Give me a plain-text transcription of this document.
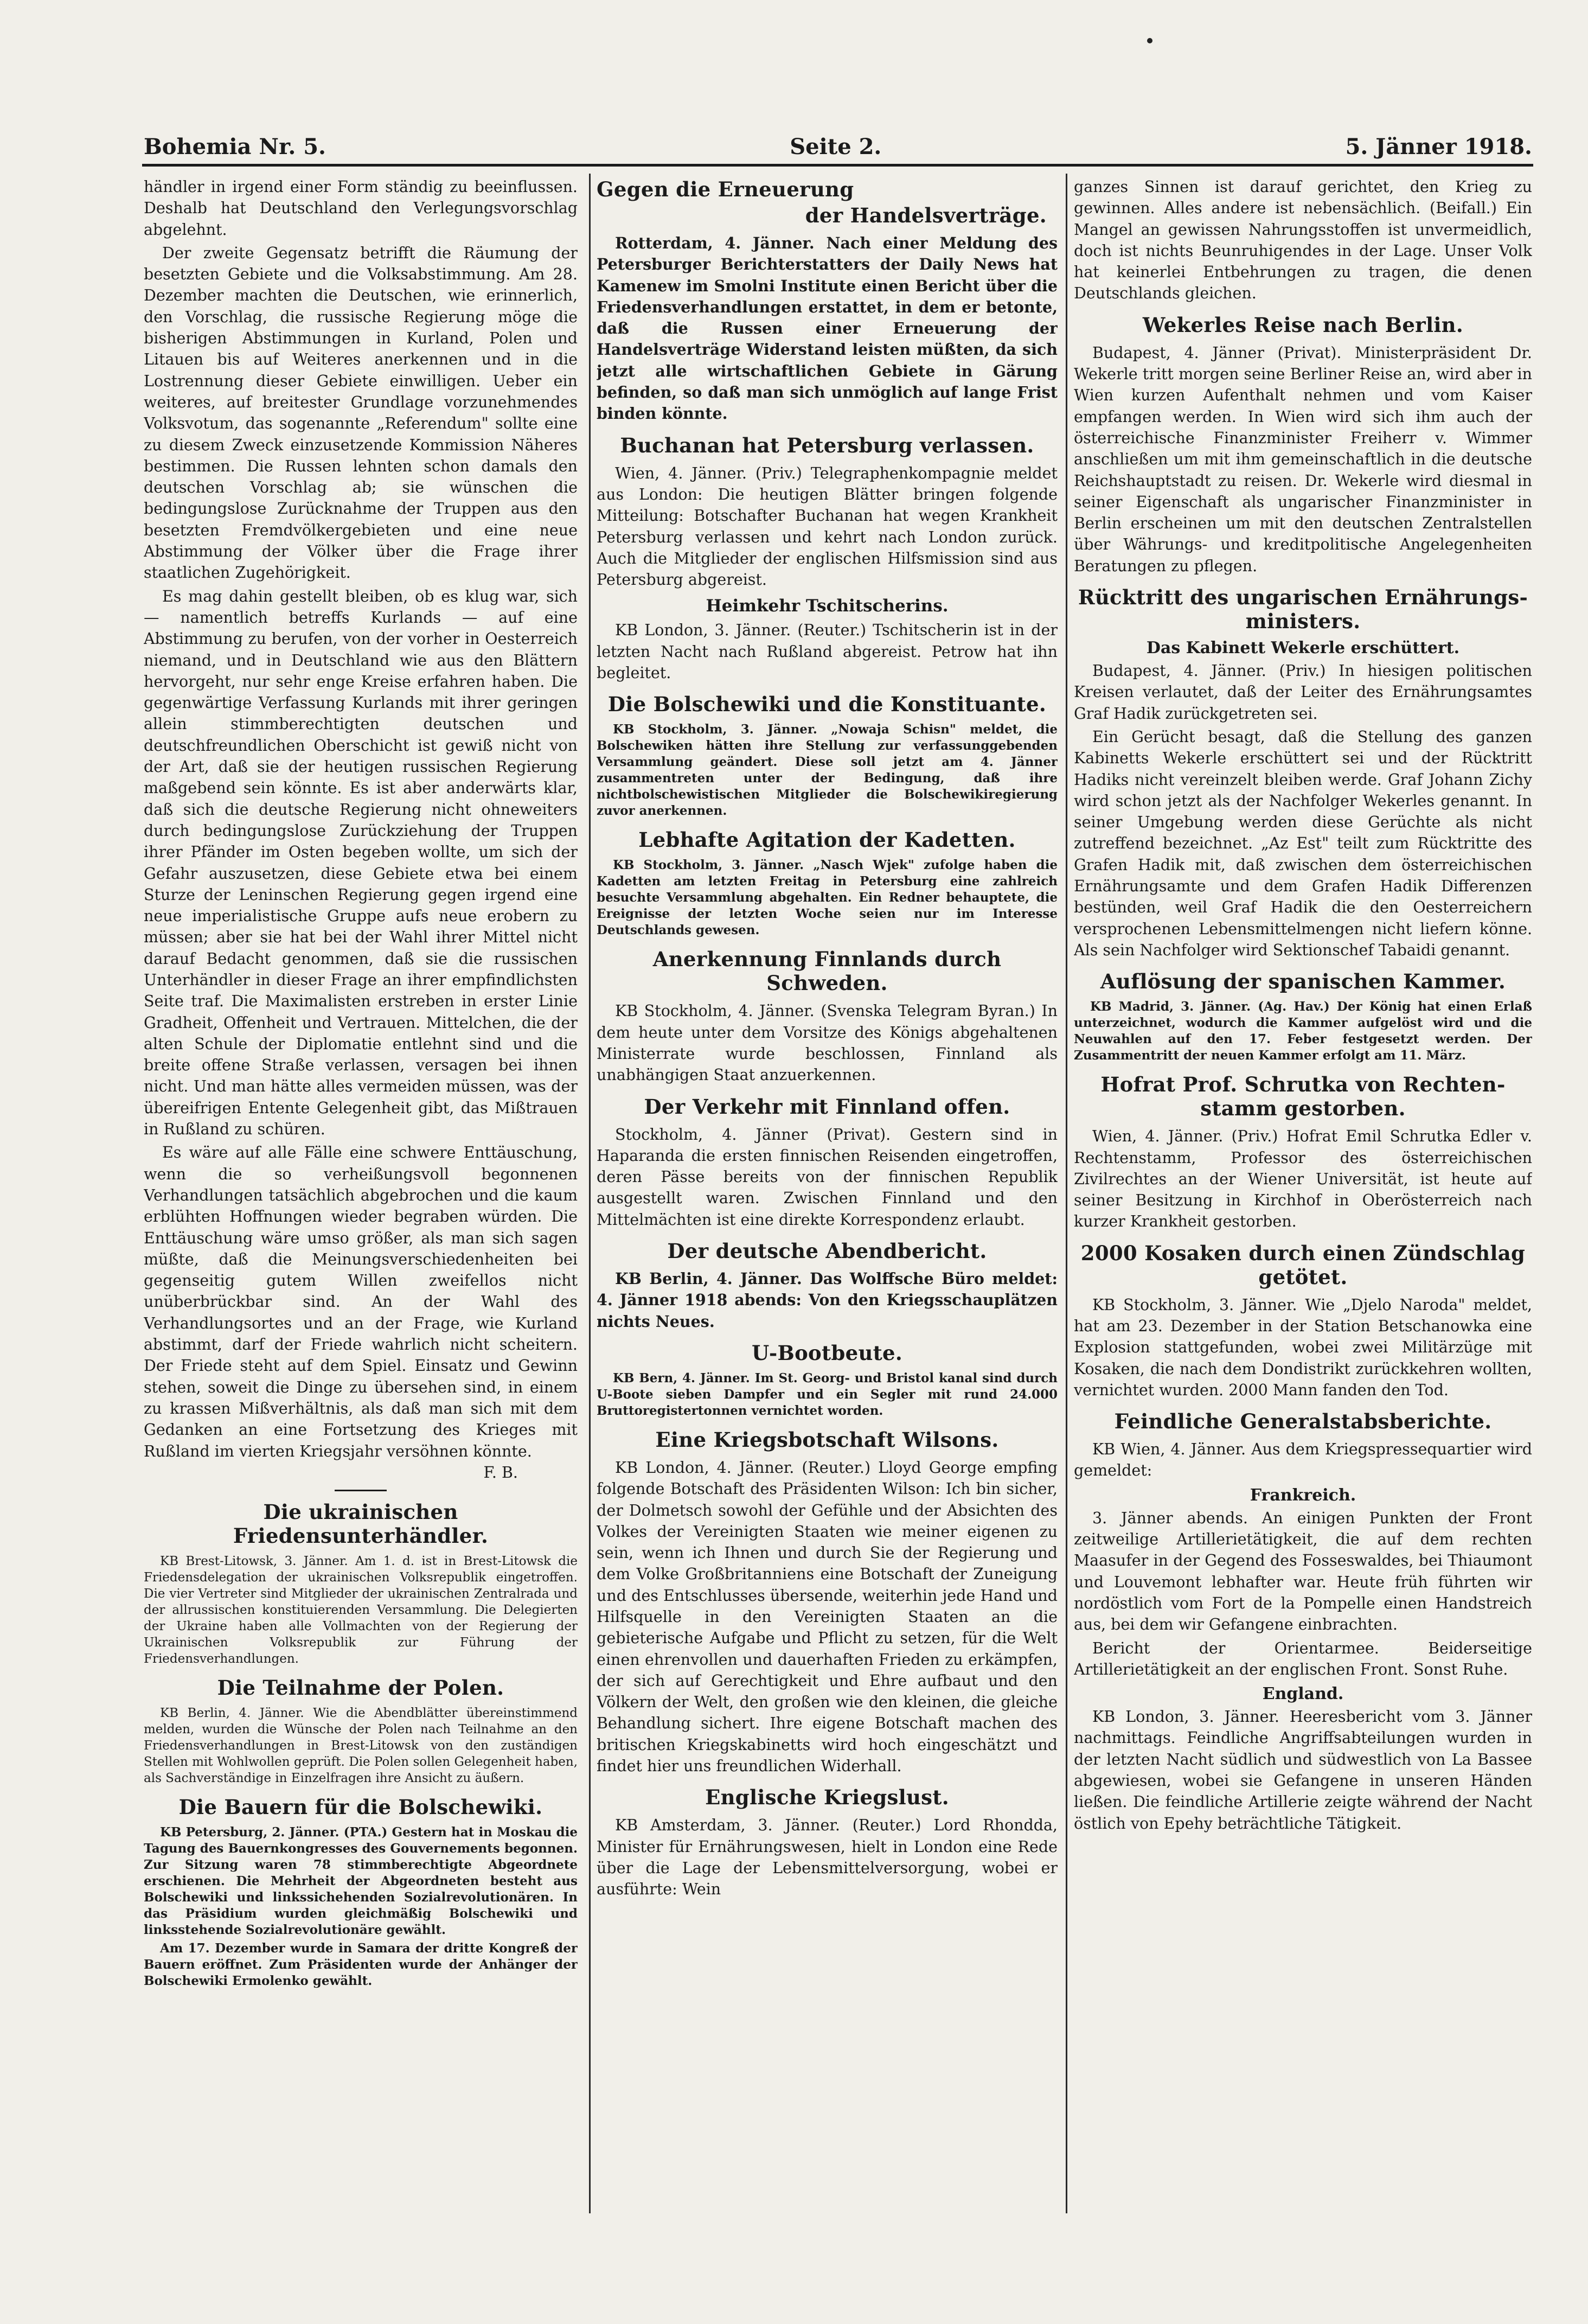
Bohemia Nr. 5.	Seite 2.	5. Jänner 1918.

händler in irgend einer Form ständig zu beeinflussen. Deshalb hat Deutschland den Verlegungsvorschlag abgelehnt.

Der zweite Gegensatz betrifft die Räumung der besetzten Gebiete und die Volksabstimmung. Am 28. Dezember machten die Deutschen, wie erinnerlich, den Vorschlag, die russische Regierung möge die bisherigen Abstimmungen in Kurland, Polen und Litauen bis auf Weiteres anerkennen und in die Lostrennung dieser Gebiete einwilligen. Ueber ein weiteres, auf breitester Grundlage vorzunehmendes Volksvotum, das sogenannte „Referendum" sollte eine zu diesem Zweck einzusetzende Kommission Näheres bestimmen. Die Russen lehnten schon damals den deutschen Vorschlag ab; sie wünschen die bedingungslose Zurücknahme der Truppen aus den besetzten Fremdvölkergebieten und eine neue Abstimmung der Völker über die Frage ihrer staatlichen Zugehörigkeit.

Es mag dahin gestellt bleiben, ob es klug war, sich — namentlich betreffs Kurlands — auf eine Abstimmung zu berufen, von der vorher in Oesterreich niemand, und in Deutschland wie aus den Blättern hervorgeht, nur sehr enge Kreise erfahren haben. Die gegenwärtige Verfassung Kurlands mit ihrer geringen allein stimmberechtigten deutschen und deutschfreundlichen Oberschicht ist gewiß nicht von der Art, daß sie der heutigen russischen Regierung maßgebend sein könnte. Es ist aber anderwärts klar, daß sich die deutsche Regierung nicht ohneweiters durch bedingungslose Zurückziehung der Truppen ihrer Pfänder im Osten begeben wollte, um sich der Gefahr auszusetzen, diese Gebiete etwa bei einem Sturze der Leninschen Regierung gegen irgend eine neue imperialistische Gruppe aufs neue erobern zu müssen; aber sie hat bei der Wahl ihrer Mittel nicht darauf Bedacht genommen, daß sie die russischen Unterhändler in dieser Frage an ihrer empfindlichsten Seite traf. Die Maximalisten erstreben in erster Linie Gradheit, Offenheit und Vertrauen. Mittelchen, die der alten Schule der Diplomatie entlehnt sind und die breite offene Straße verlassen, versagen bei ihnen nicht. Und man hätte alles vermeiden müssen, was der übereifrigen Entente Gelegenheit gibt, das Mißtrauen in Rußland zu schüren.

Es wäre auf alle Fälle eine schwere Enttäuschung, wenn die so verheißungsvoll begonnenen Verhandlungen tatsächlich abgebrochen und die kaum erblühten Hoffnungen wieder begraben würden. Die Enttäuschung wäre umso größer, als man sich sagen müßte, daß die Meinungsverschiedenheiten bei gegenseitig gutem Willen zweifellos nicht unüberbrückbar sind. An der Wahl des Verhandlungsortes und an der Frage, wie Kurland abstimmt, darf der Friede wahrlich nicht scheitern. Der Friede steht auf dem Spiel. Einsatz und Gewinn stehen, soweit die Dinge zu übersehen sind, in einem zu krassen Mißverhältnis, als daß man sich mit dem Gedanken an eine Fortsetzung des Krieges mit Rußland im vierten Kriegsjahr versöhnen könnte.

F. B.
Die ukrainischen Friedensunterhändler.

KB Brest-Litowsk, 3. Jänner. Am 1. d. ist in Brest-Litowsk die Friedensdelegation der ukrainischen Volksrepublik eingetroffen. Die vier Vertreter sind Mitglieder der ukrainischen Zentralrada und der allrussischen konstituierenden Versammlung. Die Delegierten der Ukraine haben alle Vollmachten von der Regierung der Ukrainischen Volksrepublik zur Führung der Friedensverhandlungen.

Die Teilnahme der Polen.

KB Berlin, 4. Jänner. Wie die Abendblätter übereinstimmend melden, wurden die Wünsche der Polen nach Teilnahme an den Friedensverhandlungen in Brest-Litowsk von den zuständigen Stellen mit Wohlwollen geprüft. Die Polen sollen Gelegenheit haben, als Sachverständige in Einzelfragen ihre Ansicht zu äußern.

Die Bauern für die Bolschewiki.

KB Petersburg, 2. Jänner. (PTA.) Gestern hat in Moskau die Tagung des Bauernkongresses des Gouvernements begonnen. Zur Sitzung waren 78 stimmberechtigte Abgeordnete erschienen. Die Mehrheit der Abgeordneten besteht aus Bolschewiki und linkssichehenden Sozialrevolutionären. In das Präsidium wurden gleichmäßig Bolschewiki und linksstehende Sozialrevolutionäre gewählt.

Am 17. Dezember wurde in Samara der dritte Kongreß der Bauern eröffnet. Zum Präsidenten wurde der Anhänger der Bolschewiki Ermolenko gewählt.

Gegen die Erneuerung
der Handelsverträge.

Rotterdam, 4. Jänner. Nach einer Meldung des Petersburger Berichterstatters der Daily News hat Kamenew im Smolni Institute einen Bericht über die Friedensverhandlungen erstattet, in dem er betonte, daß die Russen einer Erneuerung der Handelsverträge Widerstand leisten müßten, da sich jetzt alle wirtschaftlichen Gebiete in Gärung befinden, so daß man sich unmöglich auf lange Frist binden könnte.

Buchanan hat Petersburg verlassen.

Wien, 4. Jänner. (Priv.) Telegraphenkompagnie meldet aus London: Die heutigen Blätter bringen folgende Mitteilung: Botschafter Buchanan hat wegen Krankheit Petersburg verlassen und kehrt nach London zurück. Auch die Mitglieder der englischen Hilfsmission sind aus Petersburg abgereist.

Heimkehr Tschitscherins.

KB London, 3. Jänner. (Reuter.) Tschitscherin ist in der letzten Nacht nach Rußland abgereist. Petrow hat ihn begleitet.

Die Bolschewiki und die Konstituante.

KB Stockholm, 3. Jänner. „Nowaja Schisn" meldet, die Bolschewiken hätten ihre Stellung zur verfassunggebenden Versammlung geändert. Diese soll jetzt am 4. Jänner zusammentreten unter der Bedingung, daß ihre nichtbolschewistischen Mitglieder die Bolschewikiregierung zuvor anerkennen.

Lebhafte Agitation der Kadetten.

KB Stockholm, 3. Jänner. „Nasch Wjek" zufolge haben die Kadetten am letzten Freitag in Petersburg eine zahlreich besuchte Versammlung abgehalten. Ein Redner behauptete, die Ereignisse der letzten Woche seien nur im Interesse Deutschlands gewesen.

Anerkennung Finnlands durch Schweden.

KB Stockholm, 4. Jänner. (Svenska Telegram Byran.) In dem heute unter dem Vorsitze des Königs abgehaltenen Ministerrate wurde beschlossen, Finnland als unabhängigen Staat anzuerkennen.

Der Verkehr mit Finnland offen.

Stockholm, 4. Jänner (Privat). Gestern sind in Haparanda die ersten finnischen Reisenden eingetroffen, deren Pässe bereits von der finnischen Republik ausgestellt waren. Zwischen Finnland und den Mittelmächten ist eine direkte Korrespondenz erlaubt.

Der deutsche Abendbericht.

KB Berlin, 4. Jänner. Das Wolffsche Büro meldet: 4. Jänner 1918 abends: Von den Kriegsschauplätzen nichts Neues.

U-Bootbeute.

KB Bern, 4. Jänner. Im St. Georg- und Bristol kanal sind durch U-Boote sieben Dampfer und ein Segler mit rund 24.000 Bruttoregistertonnen vernichtet worden.

Eine Kriegsbotschaft Wilsons.

KB London, 4. Jänner. (Reuter.) Lloyd George empfing folgende Botschaft des Präsidenten Wilson: Ich bin sicher, der Dolmetsch sowohl der Gefühle und der Absichten des Volkes der Vereinigten Staaten wie meiner eigenen zu sein, wenn ich Ihnen und durch Sie der Regierung und dem Volke Großbritanniens eine Botschaft der Zuneigung und des Entschlusses übersende, weiterhin jede Hand und Hilfsquelle in den Vereinigten Staaten an die gebieterische Aufgabe und Pflicht zu setzen, für die Welt einen ehrenvollen und dauerhaften Frieden zu erkämpfen, der sich auf Gerechtigkeit und Ehre aufbaut und den Völkern der Welt, den großen wie den kleinen, die gleiche Behandlung sichert. Ihre eigene Botschaft machen des britischen Kriegskabinetts wird hoch eingeschätzt und findet hier uns freundlichen Widerhall.

Englische Kriegslust.

KB Amsterdam, 3. Jänner. (Reuter.) Lord Rhondda, Minister für Ernährungswesen, hielt in London eine Rede über die Lage der Lebensmittelversorgung, wobei er ausführte: Wein

ganzes Sinnen ist darauf gerichtet, den Krieg zu gewinnen. Alles andere ist nebensächlich. (Beifall.) Ein Mangel an gewissen Nahrungsstoffen ist unvermeidlich, doch ist nichts Beunruhigendes in der Lage. Unser Volk hat keinerlei Entbehrungen zu tragen, die denen Deutschlands gleichen.

Wekerles Reise nach Berlin.

Budapest, 4. Jänner (Privat). Ministerpräsident Dr. Wekerle tritt morgen seine Berliner Reise an, wird aber in Wien kurzen Aufenthalt nehmen und vom Kaiser empfangen werden. In Wien wird sich ihm auch der österreichische Finanzminister Freiherr v. Wimmer anschließen um mit ihm gemeinschaftlich in die deutsche Reichshauptstadt zu reisen. Dr. Wekerle wird diesmal in seiner Eigenschaft als ungarischer Finanzminister in Berlin erscheinen um mit den deutschen Zentralstellen über Währungs- und kreditpolitische Angelegenheiten Beratungen zu pflegen.

Rücktritt des ungarischen Ernährungs-
ministers.
Das Kabinett Wekerle erschüttert.

Budapest, 4. Jänner. (Priv.) In hiesigen politischen Kreisen verlautet, daß der Leiter des Ernährungsamtes Graf Hadik zurückgetreten sei.

Ein Gerücht besagt, daß die Stellung des ganzen Kabinetts Wekerle erschüttert sei und der Rücktritt Hadiks nicht vereinzelt bleiben werde. Graf Johann Zichy wird schon jetzt als der Nachfolger Wekerles genannt. In seiner Umgebung werden diese Gerüchte als nicht zutreffend bezeichnet. „Az Est" teilt zum Rücktritte des Grafen Hadik mit, daß zwischen dem österreichischen Ernährungsamte und dem Grafen Hadik Differenzen bestünden, weil Graf Hadik die den Oesterreichern versprochenen Lebensmittelmengen nicht liefern könne. Als sein Nachfolger wird Sektionschef Tabaidi genannt.

Auflösung der spanischen Kammer.

KB Madrid, 3. Jänner. (Ag. Hav.) Der König hat einen Erlaß unterzeichnet, wodurch die Kammer aufgelöst wird und die Neuwahlen auf den 17. Feber festgesetzt werden. Der Zusammentritt der neuen Kammer erfolgt am 11. März.

Hofrat Prof. Schrutka von Rechten-
stamm gestorben.

Wien, 4. Jänner. (Priv.) Hofrat Emil Schrutka Edler v. Rechtenstamm, Professor des österreichischen Zivilrechtes an der Wiener Universität, ist heute auf seiner Besitzung in Kirchhof in Oberösterreich nach kurzer Krankheit gestorben.

2000 Kosaken durch einen Zündschlag
getötet.

KB Stockholm, 3. Jänner. Wie „Djelo Naroda" meldet, hat am 23. Dezember in der Station Betschanowka eine Explosion stattgefunden, wobei zwei Militärzüge mit Kosaken, die nach dem Dondistrikt zurückkehren wollten, vernichtet wurden. 2000 Mann fanden den Tod.

Feindliche Generalstabsberichte.

KB Wien, 4. Jänner. Aus dem Kriegspressequartier wird gemeldet:

Frankreich.

3. Jänner abends. An einigen Punkten der Front zeitweilige Artillerietätigkeit, die auf dem rechten Maasufer in der Gegend des Fosseswaldes, bei Thiaumont und Louvemont lebhafter war. Heute früh führten wir nordöstlich vom Fort de la Pompelle einen Handstreich aus, bei dem wir Gefangene einbrachten.

Bericht der Orientarmee. Beiderseitige Artillerietätigkeit an der englischen Front. Sonst Ruhe.

England.

KB London, 3. Jänner. Heeresbericht vom 3. Jänner nachmittags. Feindliche Angriffsabteilungen wurden in der letzten Nacht südlich und südwestlich von La Bassee abgewiesen, wobei sie Gefangene in unseren Händen ließen. Die feindliche Artillerie zeigte während der Nacht östlich von Epehy beträchtliche Tätigkeit.
